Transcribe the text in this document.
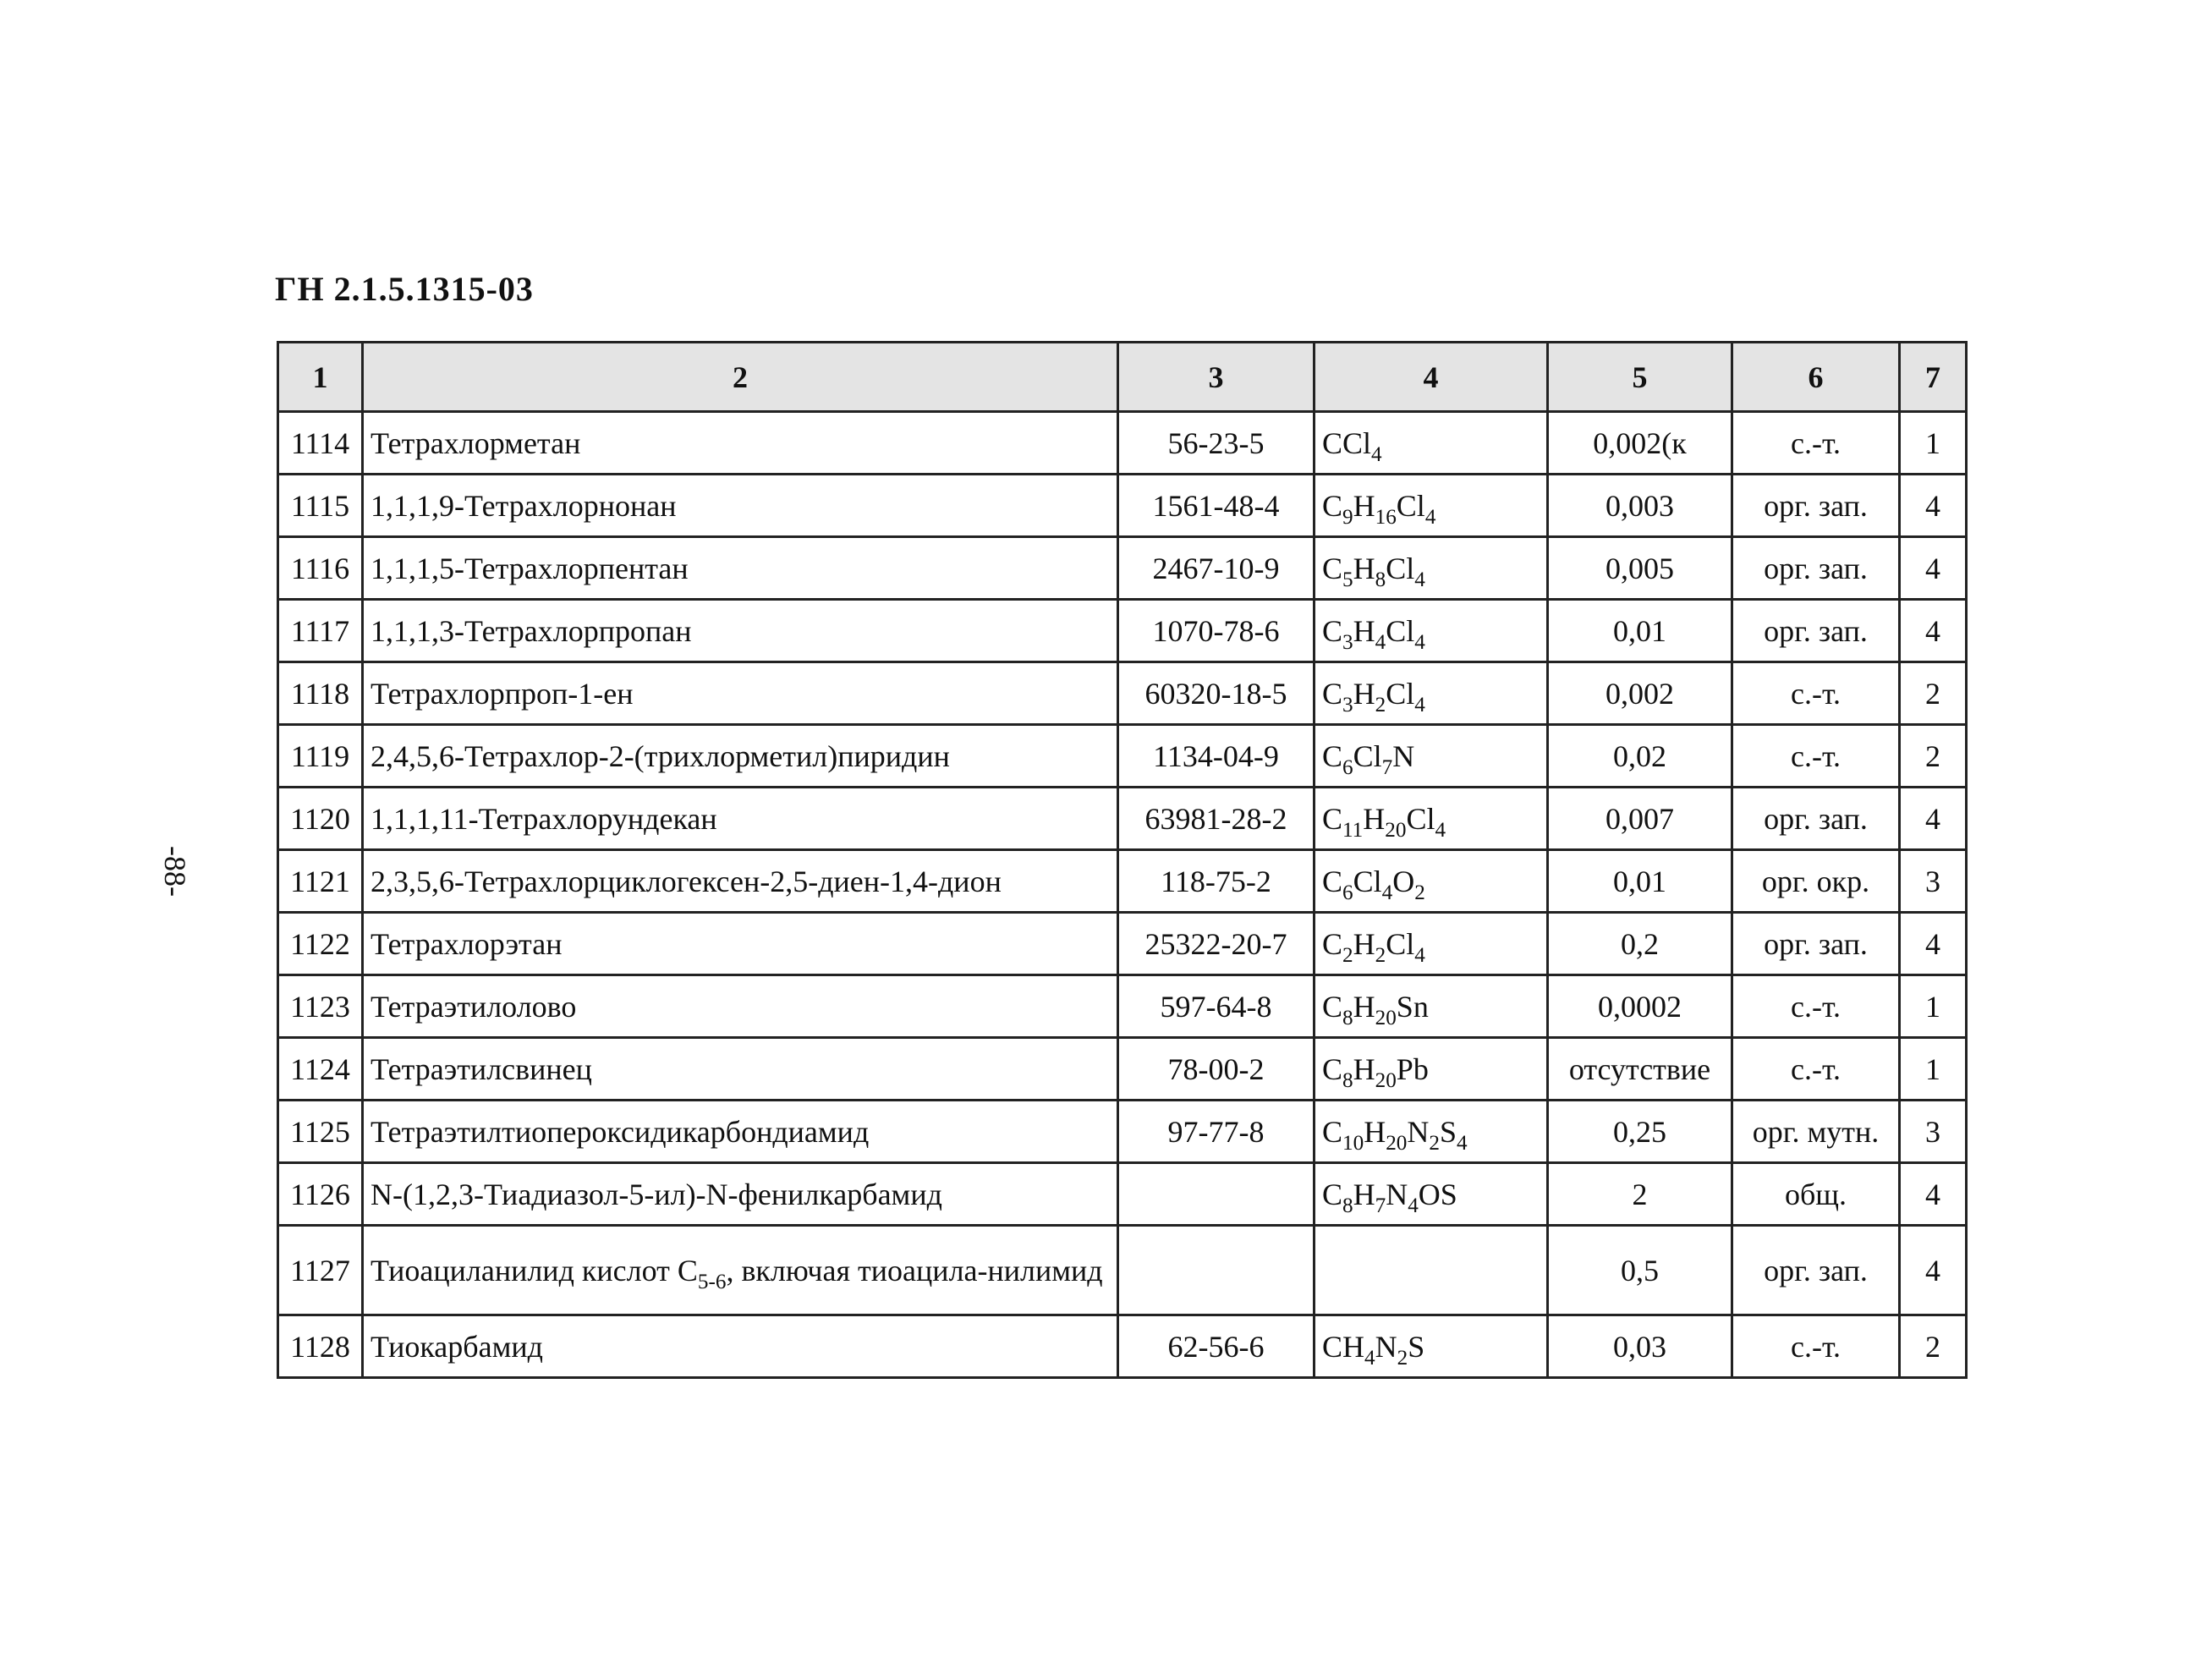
ГН 2.1.5.1315-03
-88-
1	2	3	4	5	6	7
1114	Тетрахлорметан	56-23-5	CCl$_4$	0,002(к	с.-т.	1
1115	1,1,1,9-Тетрахлорнонан	1561-48-4	$C_9H_{16}Cl_4$	0,003	орг. зап.	4
1116	1,1,1,5-Тетрахлорпентан	2467-10-9	$C_5H_8Cl_4$	0,005	орг. зап.	4
1117	1,1,1,3-Тетрахлорпропан	1070-78-6	$C_3H_4Cl_4$	0,01	орг. зап.	4
1118	Тетрахлорпроп-1-ен	60320-18-5	$C_3H_2Cl_4$	0,002	с.-т.	2
1119	2,4,5,6-Тетрахлор-2-(трихлорметил)пиридин	1134-04-9	$C_6Cl_7N$	0,02	с.-т.	2
1120	1,1,1,11-Тетрахлорундекан	63981-28-2	$C_{11}H_{20}Cl_4$	0,007	орг. зап.	4
1121	2,3,5,6-Тетрахлорциклогексен-2,5-диен-1,4-дион	118-75-2	$C_6Cl_4O_2$	0,01	орг. окр.	3
1122	Тетрахлорэтан	25322-20-7	$C_2H_2Cl_4$	0,2	орг. зап.	4
1123	Тетраэтилолово	597-64-8	$C_8H_{20}Sn$	0,0002	с.-т.	1
1124	Тетраэтилсвинец	78-00-2	$C_8H_{20}Pb$	отсутствие	с.-т.	1
1125	Тетраэтилтиопероксидикарбондиамид	97-77-8	$C_{10}H_{20}N_2S_4$	0,25	орг. мутн.	3
1126	N-(1,2,3-Тиадиазол-5-ил)-N-фенилкарбамид		$C_8H_7N_4OS$	2	общ.	4
1127	Тиоациланилид кислот $C_{5-6}$, включая тиоацила-нилимид			0,5	орг. зап.	4
1128	Тиокарбамид	62-56-6	$CH_4N_2S$	0,03	с.-т.	2
